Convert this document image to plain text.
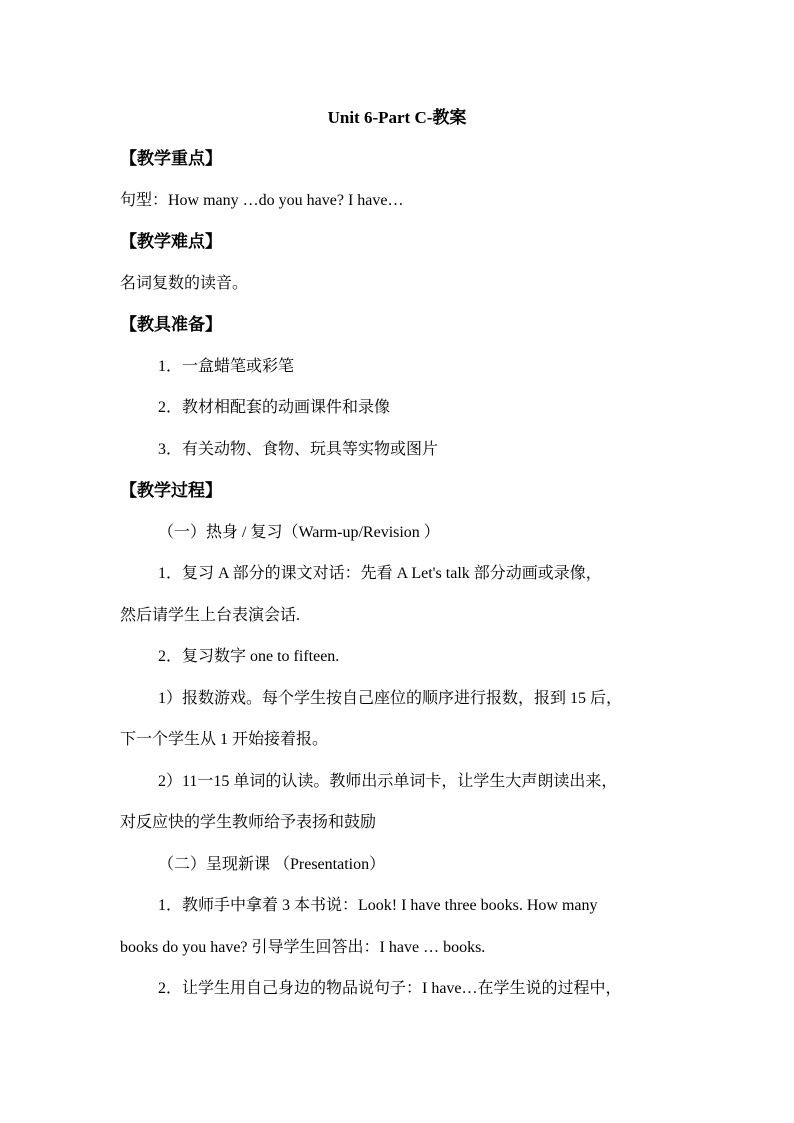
Unit 6-Part C-教案
【教学重点】
句型：How many …do you have? I have…
【教学难点】
名词复数的读音。
【教具准备】
1．一盒蜡笔或彩笔
2．教材相配套的动画课件和录像
3．有关动物、食物、玩具等实物或图片
【教学过程】
（一）热身 / 复习（Warm-up/Revision ）
1．复习 A 部分的课文对话：先看 A Let's talk 部分动画或录像，
然后请学生上台表演会话.
2．复习数字 one to fifteen.
1）报数游戏。每个学生按自己座位的顺序进行报数，报到 15 后，
下一个学生从 1 开始接着报。
2）11一15 单词的认读。教师出示单词卡，让学生大声朗读出来，
对反应快的学生教师给予表扬和鼓励
（二）呈现新课 （Presentation）
1．教师手中拿着 3 本书说：Look! I have three books. How many
books do you have? 引导学生回答出：I have … books.
2．让学生用自己身边的物品说句子：I have…在学生说的过程中，
